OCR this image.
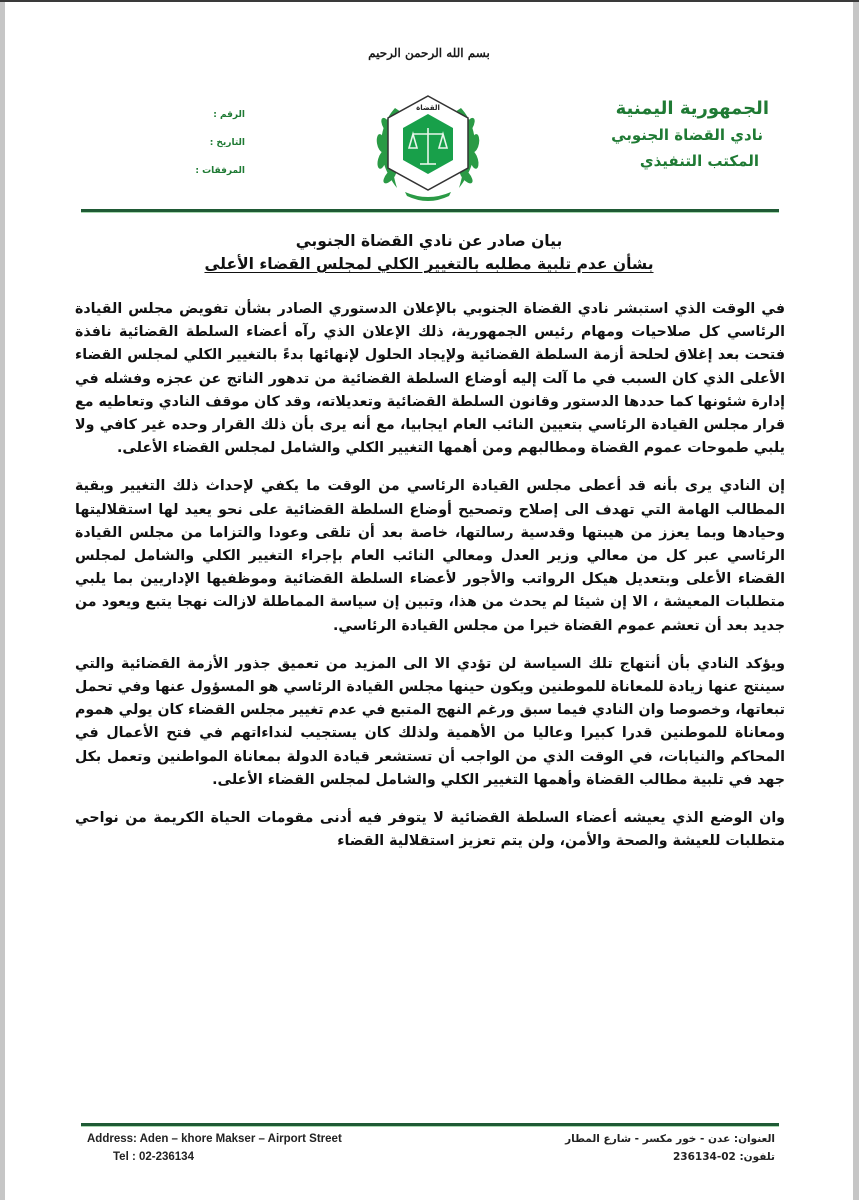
بسم الله الرحمن الرحيم
الجمهورية اليمنية
نادي القضاة الجنوبي
المكتب التنفيذي
القضاة
الرقم :
التاريخ :
المرفقات :
بيان صادر عن نادي القضاة الجنوبي
بشأن عدم تلبية مطلبه بالتغيير الكلي لمجلس القضاء الأعلى

في الوقت الذي استبشر نادي القضاة الجنوبي بالإعلان الدستوري الصادر بشأن تفويض مجلس القيادة الرئاسي كل صلاحيات ومهام رئيس الجمهورية، ذلك الإعلان الذي رآه أعضاء السلطة القضائية نافذة فتحت بعد إغلاق لحلحة أزمة السلطة القضائية ولإيجاد الحلول لإنهائها بدءً بالتغيير الكلي لمجلس القضاء الأعلى الذي كان السبب في ما آلت إليه أوضاع السلطة القضائية من تدهور الناتج عن عجزه وفشله في إدارة شئونها كما حددها الدستور وقانون السلطة القضائية وتعديلاته، وقد كان موقف النادي وتعاطيه مع قرار مجلس القيادة الرئاسي بتعيين النائب العام ايجابيا، مع أنه يرى بأن ذلك القرار وحده غير كافي ولا يلبي طموحات عموم القضاة ومطالبهم ومن أهمها التغيير الكلي والشامل لمجلس القضاء الأعلى.

إن النادي يرى بأنه قد أعطى مجلس القيادة الرئاسي من الوقت ما يكفي لإحداث ذلك التغيير وبقية المطالب الهامة التي تهدف الى إصلاح وتصحيح أوضاع السلطة القضائية على نحو يعيد لها استقلاليتها وحيادها وبما يعزز من هيبتها وقدسية رسالتها، خاصة بعد أن تلقى وعودا والتزاما من مجلس القيادة الرئاسي عبر كل من معالي وزير العدل ومعالي النائب العام بإجراء التغيير الكلي والشامل لمجلس القضاء الأعلى وبتعديل هيكل الرواتب والأجور لأعضاء السلطة القضائية وموظفيها الإداريين بما يلبي متطلبات المعيشة ، الا إن شيئا لم يحدث من هذا، وتبين إن سياسة المماطلة لازالت نهجا يتبع ويعود من جديد بعد أن تعشم عموم القضاة خيرا من مجلس القيادة الرئاسي.

ويؤكد النادي بأن أنتهاج تلك السياسة لن تؤدي الا الى المزيد من تعميق جذور الأزمة القضائية والتي سينتج عنها زيادة للمعاناة للموطنين ويكون حينها مجلس القيادة الرئاسي هو المسؤول عنها وفي تحمل تبعاتها، وخصوصا وان النادي فيما سبق ورغم النهج المتبع في عدم تغيير مجلس القضاء كان يولي هموم ومعاناة للموطنين قدرا كبيرا وعاليا من الأهمية ولذلك كان يستجيب لنداءاتهم في فتح الأعمال في المحاكم والنيابات، في الوقت الذي من الواجب أن تستشعر قيادة الدولة بمعاناة المواطنين وتعمل بكل جهد في تلبية مطالب القضاة وأهمها التغيير الكلي والشامل لمجلس القضاء الأعلى.

وان الوضع الذي يعيشه أعضاء السلطة القضائية لا يتوفر فيه أدنى مقومات الحياة الكريمة من نواحي متطلبات للعيشة والصحة والأمن، ولن يتم تعزيز استقلالية القضاء

Address: Aden – khore Makser – Airport Street
Tel : 02-236134
العنوان: عدن - خور مكسر - شارع المطار
تلفون: 02-236134
